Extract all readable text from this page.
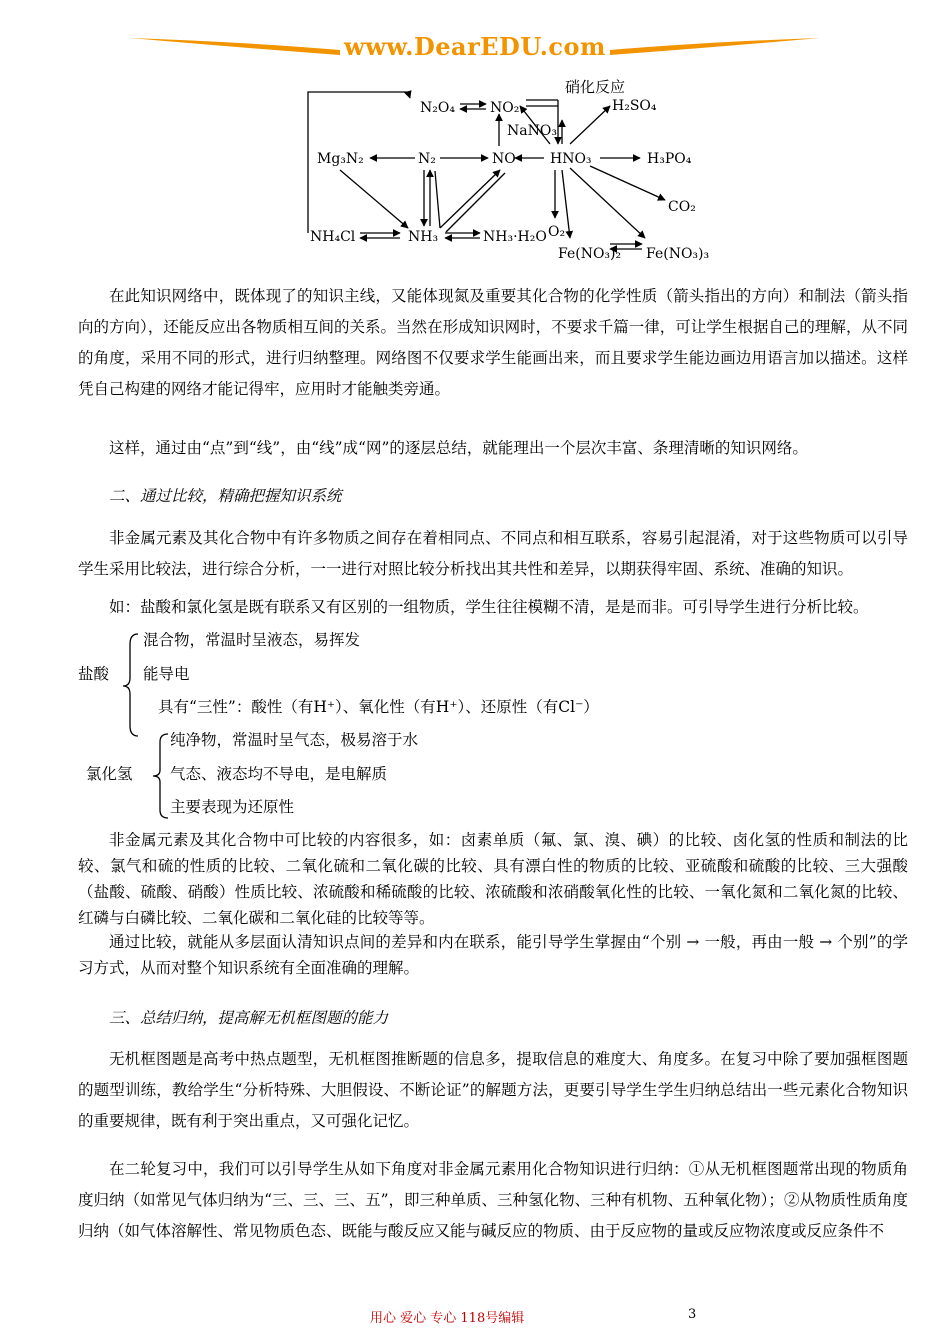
www.DearEDU.com
硝化反应
N₂O₄	NO₂
NaNO₃
H₂SO₄
Mg₃N₂	N₂	NO HNO₃	H₃PO₄
CO₂
NH₄Cl	NH₃	NH₃·H₂O O₂
Fe(NO₃)₂ Fe(NO₃)₃

在此知识网络中，既体现了的知识主线，又能体现氮及重要其化合物的化学性质（箭头指出的方向）和制法（箭头指向的方向），还能反应出各物质相互间的关系。当然在形成知识网时，不要求千篇一律，可让学生根据自己的理解，从不同的角度，采用不同的形式，进行归纳整理。网络图不仅要求学生能画出来，而且要求学生能边画边用语言加以描述。这样凭自己构建的网络才能记得牢，应用时才能触类旁通。

这样，通过由“点”到“线”，由“线”成“网”的逐层总结，就能理出一个层次丰富、条理清晰的知识网络。

二、通过比较，精确把握知识系统

非金属元素及其化合物中有许多物质之间存在着相同点、不同点和相互联系，容易引起混淆，对于这些物质可以引导学生采用比较法，进行综合分析，一一进行对照比较分析找出其共性和差异，以期获得牢固、系统、准确的知识。

如：盐酸和氯化氢是既有联系又有区别的一组物质，学生往往模糊不清，是是而非。可引导学生进行分析比较。

盐酸
混合物，常温时呈液态，易挥发
能导电
具有“三性”：酸性（有H⁺）、氧化性（有H⁺）、还原性（有Cl⁻）
氯化氢
纯净物，常温时呈气态，极易溶于水
气态、液态均不导电，是电解质
主要表现为还原性

非金属元素及其化合物中可比较的内容很多，如：卤素单质（氟、氯、溴、碘）的比较、卤化氢的性质和制法的比较、氯气和硫的性质的比较、二氧化硫和二氧化碳的比较、具有漂白性的物质的比较、亚硫酸和硫酸的比较、三大强酸（盐酸、硫酸、硝酸）性质比较、浓硫酸和稀硫酸的比较、浓硫酸和浓硝酸氧化性的比较、一氧化氮和二氧化氮的比较、红磷与白磷比较、二氧化碳和二氧化硅的比较等等。

通过比较，就能从多层面认清知识点间的差异和内在联系，能引导学生掌握由“个别 → 一般，再由一般 → 个别”的学习方式，从而对整个知识系统有全面准确的理解。

三、总结归纳，提高解无机框图题的能力

无机框图题是高考中热点题型，无机框图推断题的信息多，提取信息的难度大、角度多。在复习中除了要加强框图题的题型训练，教给学生“分析特殊、大胆假设、不断论证”的解题方法，更要引导学生学生归纳总结出一些元素化合物知识的重要规律，既有利于突出重点，又可强化记忆。

在二轮复习中，我们可以引导学生从如下角度对非金属元素用化合物知识进行归纳：①从无机框图题常出现的物质角度归纳（如常见气体归纳为“三、三、三、五”，即三种单质、三种氢化物、三种有机物、五种氧化物）；②从物质性质角度归纳（如气体溶解性、常见物质色态、既能与酸反应又能与碱反应的物质、由于反应物的量或反应物浓度或反应条件不

用心 爱心 专心 118号编辑	3
